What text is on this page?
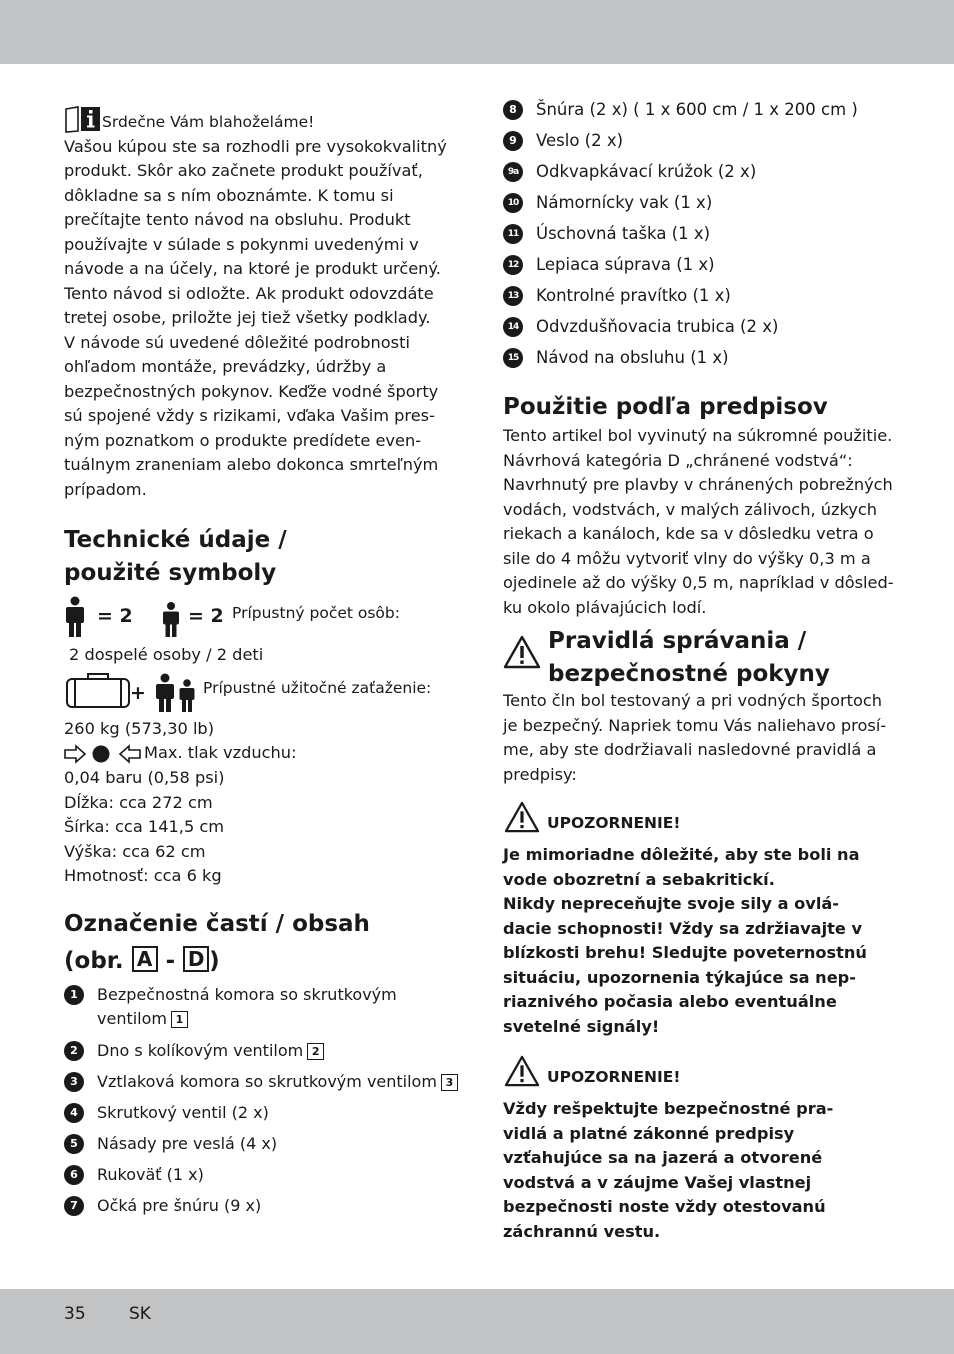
Srdečne Vám blahoželáme!
Vašou kúpou ste sa rozhodli pre vysokokvalitný
produkt. Skôr ako začnete produkt používať,
dôkladne sa s ním oboznámte. K tomu si
prečítajte tento návod na obsluhu. Produkt
používajte v súlade s pokynmi uvedenými v
návode a na účely, na ktoré je produkt určený.
Tento návod si odložte. Ak produkt odovzdáte
tretej osobe, priložte jej tiež všetky podklady.
V návode sú uvedené dôležité podrobnosti
ohľadom montáže, prevádzky, údržby a
bezpečnostných pokynov. Keďže vodné športy
sú spojené vždy s rizikami, vďaka Vašim pres-
ným poznatkom o produkte predídete even-
tuálnym zraneniam alebo dokonca smrteľným
prípadom.
Technické údaje /
použité symboly
= 2	= 2 Prípustný počet osôb:
2 dospelé osoby / 2 deti
+	Prípustné užitočné zaťaženie:
260 kg (573,30 lb)
Max. tlak vzduchu:
0,04 baru (0,58 psi)
Dĺžka: cca 272 cm
Šírka: cca 141,5 cm
Výška: cca 62 cm
Hmotnosť: cca 6 kg
Označenie častí / obsah
(obr. A - D )
1	Bezpečnostná komora so skrutkovým
ventilom 1
2	Dno s kolíkovým ventilom 2
3	Vztlaková komora so skrutkovým ventilom 3
4	Skrutkový ventil (2 x)
5	Násady pre veslá (4 x)
6	Rukoväť (1 x)
7	Očká pre šnúru (9 x)
8	Šnúra (2 x) ( 1 x 600 cm / 1 x 200 cm )
9	Veslo (2 x)
9a Odkvapkávací krúžok (2 x)
10 Námornícky vak (1 x)
11 Úschovná taška (1 x)
12 Lepiaca súprava (1 x)
13 Kontrolné pravítko (1 x)
14 Odvzdušňovacia trubica (2 x)
15 Návod na obsluhu (1 x)
Použitie podľa predpisov
Tento artikel bol vyvinutý na súkromné použitie.
Návrhová kategória D „chránené vodstvá“:
Navrhnutý pre plavby v chránených pobrežných
vodách, vodstvách, v malých zálivoch, úzkych
riekach a kanáloch, kde sa v dôsledku vetra o
sile do 4 môžu vytvoriť vlny do výšky 0,3 m a
ojedinele až do výšky 0,5 m, napríklad v dôsled-
ku okolo plávajúcich lodí.
Pravidlá správania /
bezpečnostné pokyny
Tento čln bol testovaný a pri vodných športoch
je bezpečný. Napriek tomu Vás naliehavo prosí-
me, aby ste dodržiavali nasledovné pravidlá a
predpisy:
UPOZORNENIE!
Je mimoriadne dôležité, aby ste boli na
vode obozretní a sebakritickí.
Nikdy nepreceňujte svoje sily a ovlá-
dacie schopnosti! Vždy sa zdržiavajte v
blízkosti brehu! Sledujte poveternostnú
situáciu, upozornenia týkajúce sa nep-
riaznivého počasia alebo eventuálne
svetelné signály!
UPOZORNENIE!
Vždy rešpektujte bezpečnostné pra-
vidlá a platné zákonné predpisy
vzťahujúce sa na jazerá a otvorené
vodstvá a v záujme Vašej vlastnej
bezpečnosti noste vždy otestovanú
záchrannú vestu.
35	SK
